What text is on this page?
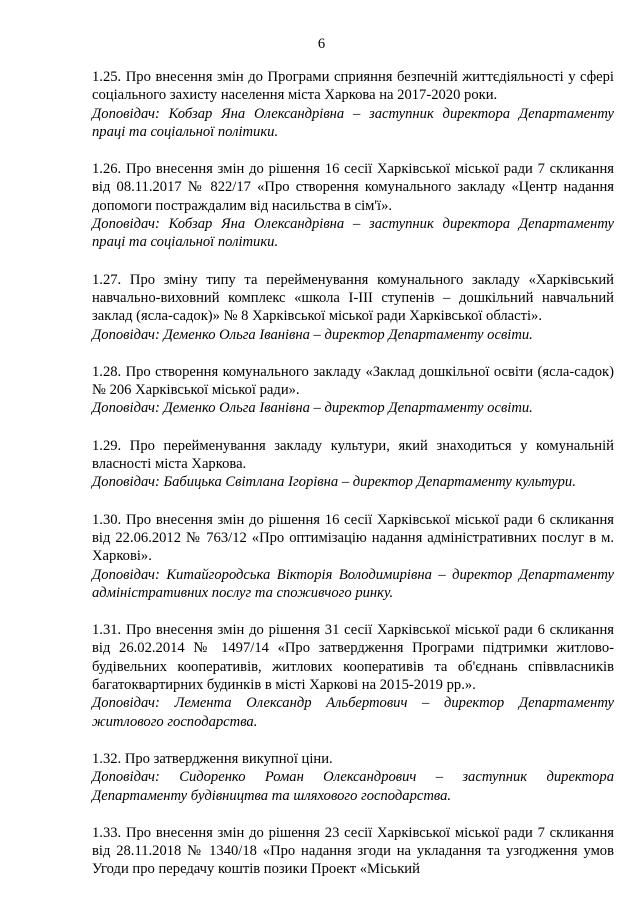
6
1.25. Про внесення змін до Програми сприяння безпечній життєдіяльності у сфері соціального захисту населення міста Харкова на 2017-2020 роки.
Доповідач: Кобзар Яна Олександрівна – заступник директора Департаменту праці та соціальної політики.
1.26. Про внесення змін до рішення 16 сесії Харківської міської ради 7 скликання від 08.11.2017 № 822/17 «Про створення комунального закладу «Центр надання допомоги постраждалим від насильства в сім'ї».
Доповідач: Кобзар Яна Олександрівна – заступник директора Департаменту праці та соціальної політики.
1.27. Про зміну типу та перейменування комунального закладу «Харківський навчально-виховний комплекс «школа І-ІІІ ступенів – дошкільний навчальний заклад (ясла-садок)» № 8 Харківської міської ради Харківської області».
Доповідач: Деменко Ольга Іванівна – директор Департаменту освіти.
1.28. Про створення комунального закладу «Заклад дошкільної освіти (ясла-садок) № 206 Харківської міської ради».
Доповідач: Деменко Ольга Іванівна – директор Департаменту освіти.
1.29. Про перейменування закладу культури, який знаходиться у комунальній власності міста Харкова.
Доповідач: Бабицька Світлана Ігорівна – директор Департаменту культури.
1.30. Про внесення змін до рішення 16 сесії Харківської міської ради 6 скликання від 22.06.2012 № 763/12 «Про оптимізацію надання адміністративних послуг в м. Харкові».
Доповідач: Китайгородська Вікторія Володимирівна – директор Департаменту адміністративних послуг та споживчого ринку.
1.31. Про внесення змін до рішення 31 сесії Харківської міської ради 6 скликання від 26.02.2014 № 1497/14 «Про затвердження Програми підтримки житлово-будівельних кооперативів, житлових кооперативів та об'єднань співвласників багатоквартирних будинків в місті Харкові на 2015-2019 рр.».
Доповідач: Лемента Олександр Альбертович – директор Департаменту житлового господарства.
1.32. Про затвердження викупної ціни.
Доповідач: Сидоренко Роман Олександрович – заступник директора Департаменту будівництва та шляхового господарства.
1.33. Про внесення змін до рішення 23 сесії Харківської міської ради 7 скликання від 28.11.2018 № 1340/18 «Про надання згоди на укладання та узгодження умов Угоди про передачу коштів позики Проект «Міський
